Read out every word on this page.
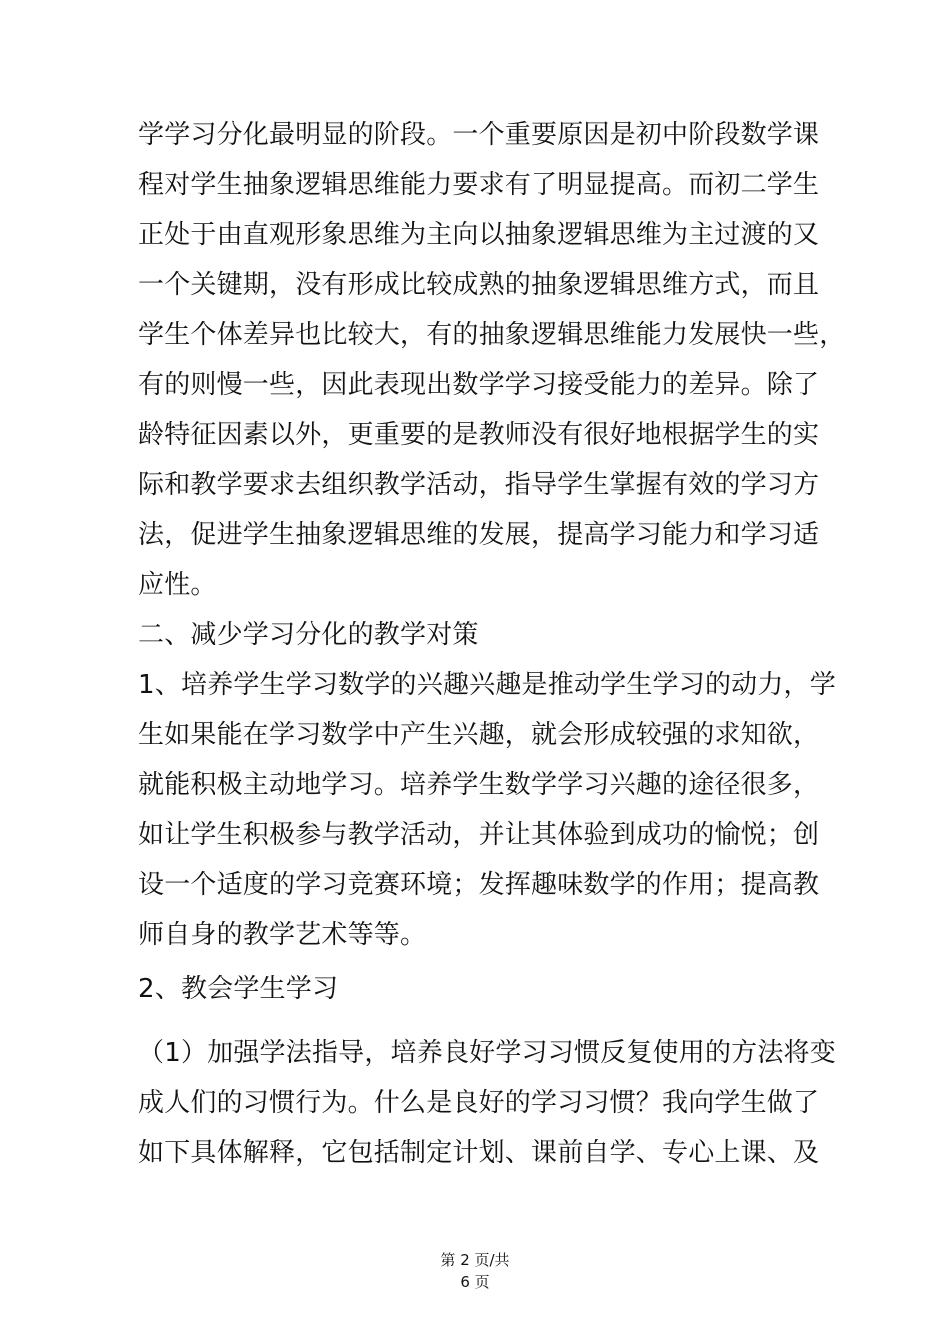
学学习分化最明显的阶段。一个重要原因是初中阶段数学课
程对学生抽象逻辑思维能力要求有了明显提高。而初二学生
正处于由直观形象思维为主向以抽象逻辑思维为主过渡的又
一个关键期，没有形成比较成熟的抽象逻辑思维方式，而且
学生个体差异也比较大，有的抽象逻辑思维能力发展快一些，
有的则慢一些，因此表现出数学学习接受能力的差异。除了
龄特征因素以外，更重要的是教师没有很好地根据学生的实
际和教学要求去组织教学活动，指导学生掌握有效的学习方
法，促进学生抽象逻辑思维的发展，提高学习能力和学习适
应性。
二、减少学习分化的教学对策
1、培养学生学习数学的兴趣兴趣是推动学生学习的动力，学
生如果能在学习数学中产生兴趣，就会形成较强的求知欲，
就能积极主动地学习。培养学生数学学习兴趣的途径很多，
如让学生积极参与教学活动，并让其体验到成功的愉悦；创
设一个适度的学习竞赛环境；发挥趣味数学的作用；提高教
师自身的教学艺术等等。
2、教会学生学习
（1）加强学法指导，培养良好学习习惯反复使用的方法将变
成人们的习惯行为。什么是良好的学习习惯？我向学生做了
如下具体解释，它包括制定计划、课前自学、专心上课、及
第 2 页/共
6 页
